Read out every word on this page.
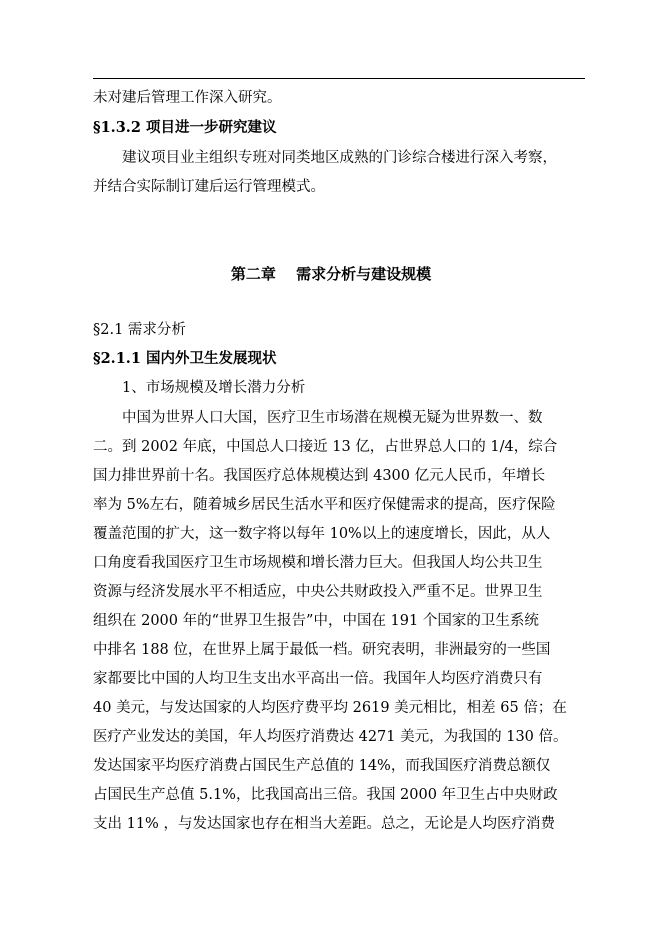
未对建后管理工作深入研究。
§1.3.2 项目进一步研究建议
建议项目业主组织专班对同类地区成熟的门诊综合楼进行深入考察，
并结合实际制订建后运行管理模式。
第二章　 需求分析与建设规模
§2.1 需求分析
§2.1.1 国内外卫生发展现状
1、市场规模及增长潜力分析
中国为世界人口大国，医疗卫生市场潜在规模无疑为世界数一、数
二。到 2002 年底，中国总人口接近 13 亿，占世界总人口的 1/4，综合
国力排世界前十名。我国医疗总体规模达到 4300 亿元人民币，年增长
率为 5%左右，随着城乡居民生活水平和医疗保健需求的提高，医疗保险
覆盖范围的扩大，这一数字将以每年 10%以上的速度增长，因此，从人
口角度看我国医疗卫生市场规模和增长潜力巨大。但我国人均公共卫生
资源与经济发展水平不相适应，中央公共财政投入严重不足。世界卫生
组织在 2000 年的“世界卫生报告”中，中国在 191 个国家的卫生系统
中排名 188 位，在世界上属于最低一档。研究表明，非洲最穷的一些国
家都要比中国的人均卫生支出水平高出一倍。我国年人均医疗消费只有
40 美元，与发达国家的人均医疗费平均 2619 美元相比，相差 65 倍；在
医疗产业发达的美国，年人均医疗消费达 4271 美元，为我国的 130 倍。
发达国家平均医疗消费占国民生产总值的 14%，而我国医疗消费总额仅
占国民生产总值 5.1%，比我国高出三倍。我国 2000 年卫生占中央财政
支出 11% ，与发达国家也存在相当大差距。总之，无论是人均医疗消费
